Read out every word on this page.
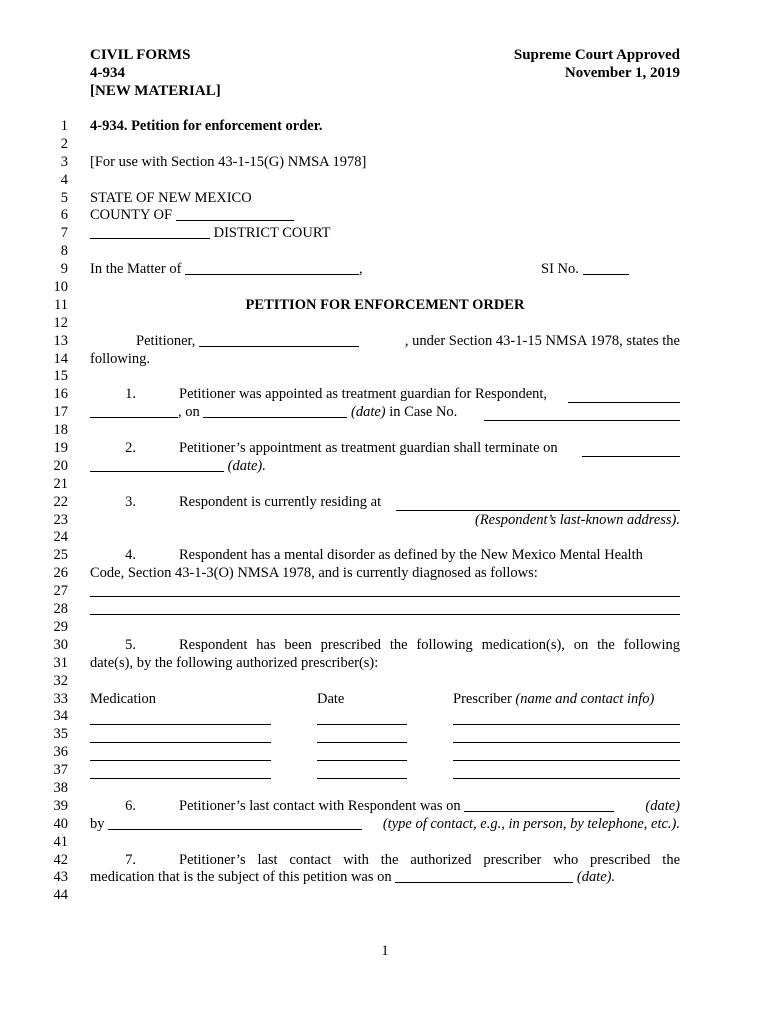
CIVIL FORMS
4-934
[NEW MATERIAL]
Supreme Court Approved
November 1, 2019
1
2
3
4
5
6
7
8
9
10
11
12
13
14
15
16
17
18
19
20
21
22
23
24
25
26
27
28
29
30
31
32
33
34
35
36
37
38
39
40
41
42
43
44
4-934. Petition for enforcement order.
[For use with Section 43-1-15(G) NMSA 1978]
STATE OF NEW MEXICO
COUNTY OF
DISTRICT COURT
In the Matter of	,	SI No.
PETITION FOR ENFORCEMENT ORDER
Petitioner,	, under Section 43-1-15 NMSA 1978, states the
following.
1.	Petitioner was appointed as treatment guardian for Respondent,
, on	(date) in Case No.
2.	Petitioner’s appointment as treatment guardian shall terminate on
(date).
3.	Respondent is currently residing at
(Respondent’s last-known address).
4.	Respondent has a mental disorder as defined by the New Mexico Mental Health
Code, Section 43-1-3(O) NMSA 1978, and is currently diagnosed as follows:
5.	Respondent has been prescribed the following medication(s), on the following
date(s), by the following authorized prescriber(s):
Medication	Date	Prescriber (name and contact info)
6.	Petitioner’s last contact with Respondent was on	(date)
by	(type of contact, e.g., in person, by telephone, etc.).
7.	Petitioner’s last contact with the authorized prescriber who prescribed the
medication that is the subject of this petition was on	(date).
1
